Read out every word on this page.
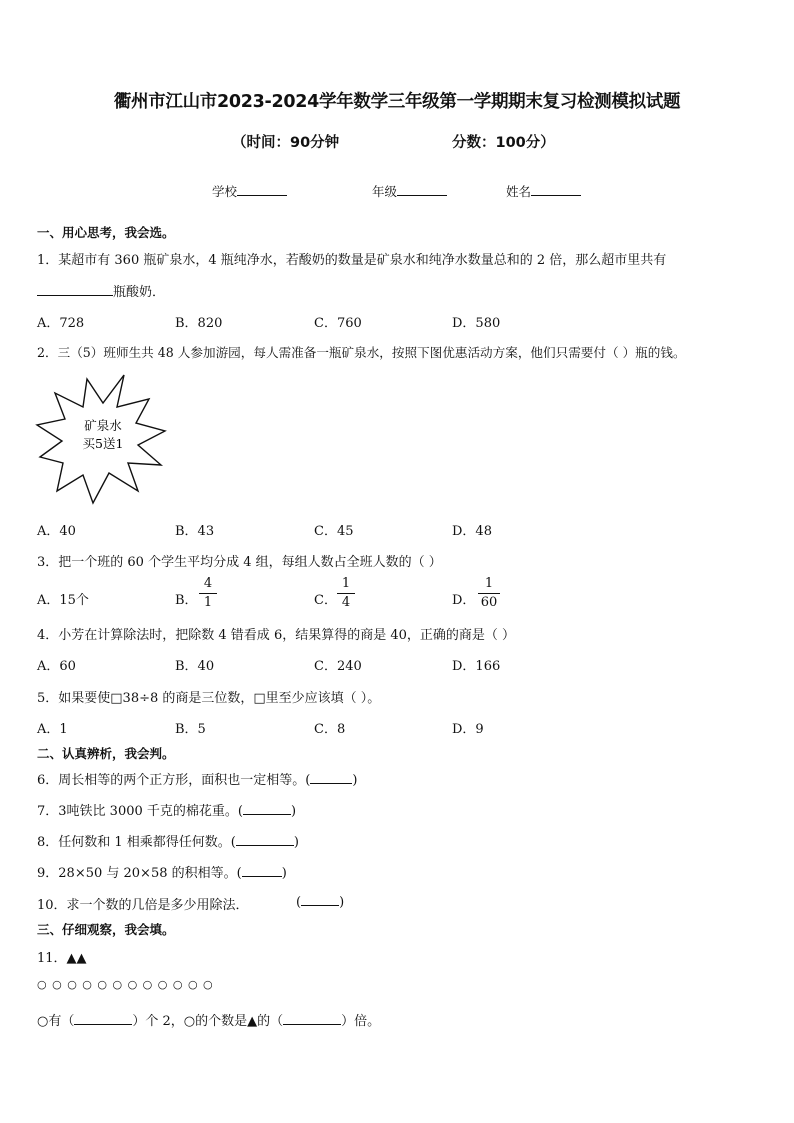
衢州市江山市2023-2024学年数学三年级第一学期期末复习检测模拟试题
（时间：90分钟	分数：100分）
学校	年级	姓名
一、用心思考，我会选。
1．某超市有 360 瓶矿泉水，4 瓶纯净水，若酸奶的数量是矿泉水和纯净水数量总和的 2 倍，那么超市里共有
瓶酸奶．
A．728	B．820	C．760	D．580
2．三（5）班师生共 48 人参加游园，每人需准备一瓶矿泉水，按照下图优惠活动方案，他们只需要付（ ）瓶的钱。
矿泉水
买5送1
A．40	B．43	C．45	D．48
3．把一个班的 60 个学生平均分成 4 组，每组人数占全班人数的（ ）
A．15个	B．
4
1	C．
1
4	D．
1
60
4．小芳在计算除法时，把除数 4 错看成 6，结果算得的商是 40，正确的商是（ ）
A．60	B．40	C．240	D．166
5．如果要使□38÷8 的商是三位数，□里至少应该填（ ）。
A．1	B．5	C．8	D．9
二、认真辨析，我会判。
6．周长相等的两个正方形，面积也一定相等。(	)
7．3吨铁比 3000 千克的棉花重。(	)
8．任何数和 1 相乘都得任何数。(	)
9．28×50 与 20×58 的积相等。(	)
10．求一个数的几倍是多少用除法．	(	)
三、仔细观察，我会填。
11．▲▲
○ ○ ○ ○ ○ ○ ○ ○ ○ ○ ○ ○
○有（	）个 2，○的个数是▲的（	）倍。
